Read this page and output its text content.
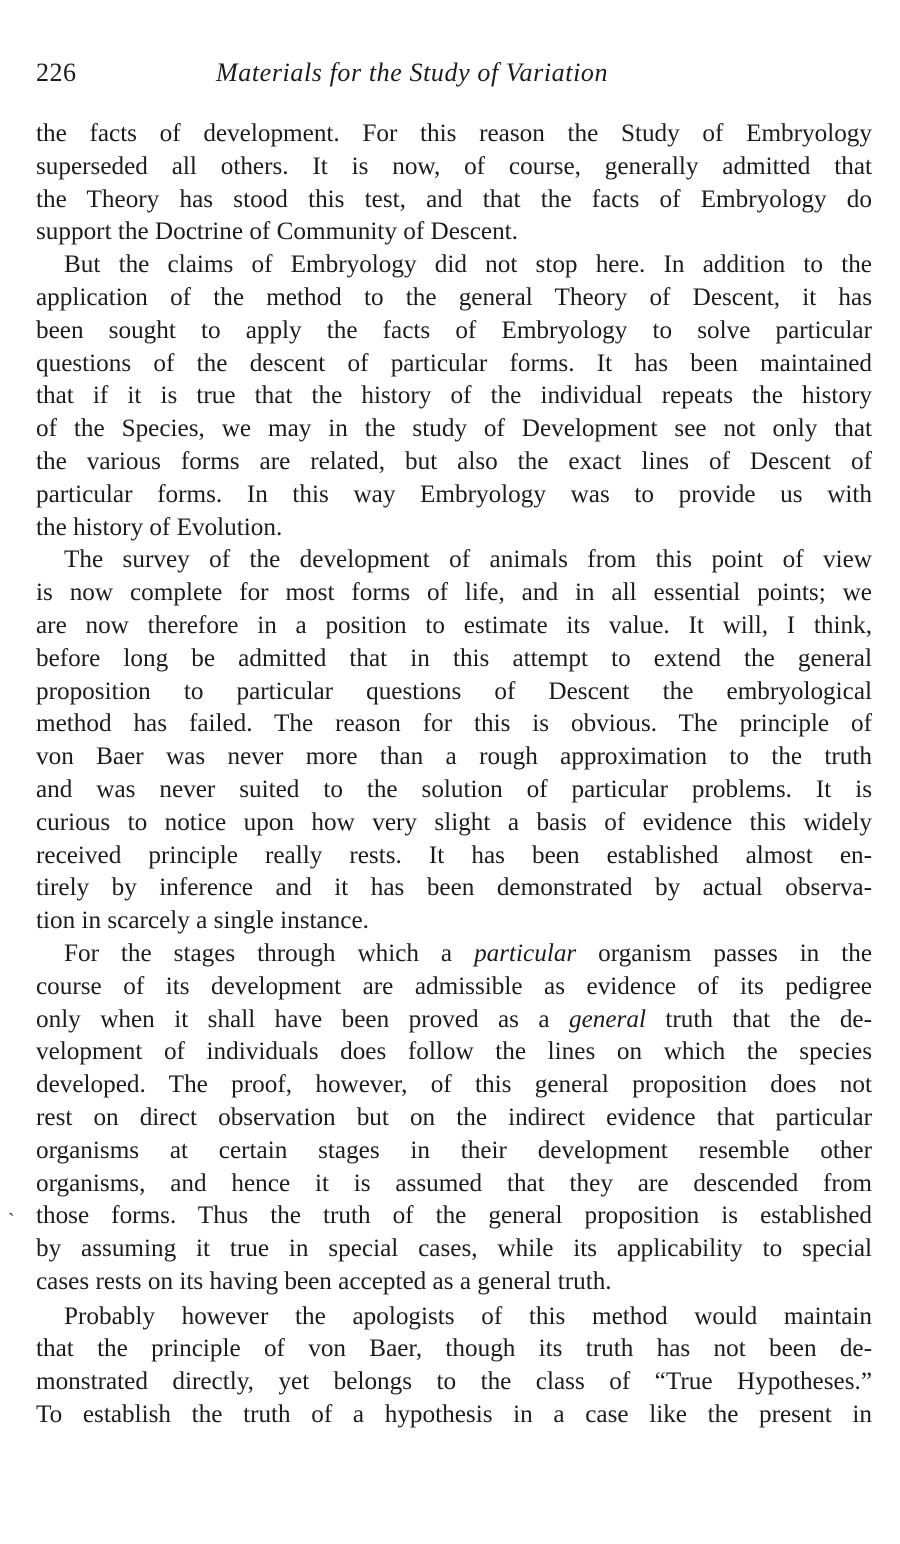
226	Materials for the Study of Variation
the facts of development. For this reason the Study of Embryology
superseded all others. It is now, of course, generally admitted that
the Theory has stood this test, and that the facts of Embryology do
support the Doctrine of Community of Descent.
But the claims of Embryology did not stop here. In addition to the
application of the method to the general Theory of Descent, it has
been sought to apply the facts of Embryology to solve particular
questions of the descent of particular forms. It has been maintained
that if it is true that the history of the individual repeats the history
of the Species, we may in the study of Development see not only that
the various forms are related, but also the exact lines of Descent of
particular forms. In this way Embryology was to provide us with
the history of Evolution.
The survey of the development of animals from this point of view
is now complete for most forms of life, and in all essential points; we
are now therefore in a position to estimate its value. It will, I think,
before long be admitted that in this attempt to extend the general
proposition to particular questions of Descent the embryological
method has failed. The reason for this is obvious. The principle of
von Baer was never more than a rough approximation to the truth
and was never suited to the solution of particular problems. It is
curious to notice upon how very slight a basis of evidence this widely
received principle really rests. It has been established almost en-
tirely by inference and it has been demonstrated by actual observa-
tion in scarcely a single instance.
For the stages through which a particular organism passes in the
course of its development are admissible as evidence of its pedigree
only when it shall have been proved as a general truth that the de-
velopment of individuals does follow the lines on which the species
developed. The proof, however, of this general proposition does not
rest on direct observation but on the indirect evidence that particular
organisms at certain stages in their development resemble other
organisms, and hence it is assumed that they are descended from
those forms. Thus the truth of the general proposition is established
by assuming it true in special cases, while its applicability to special
cases rests on its having been accepted as a general truth.
Probably however the apologists of this method would maintain
that the principle of von Baer, though its truth has not been de-
monstrated directly, yet belongs to the class of “True Hypotheses.”
To establish the truth of a hypothesis in a case like the present in
`
